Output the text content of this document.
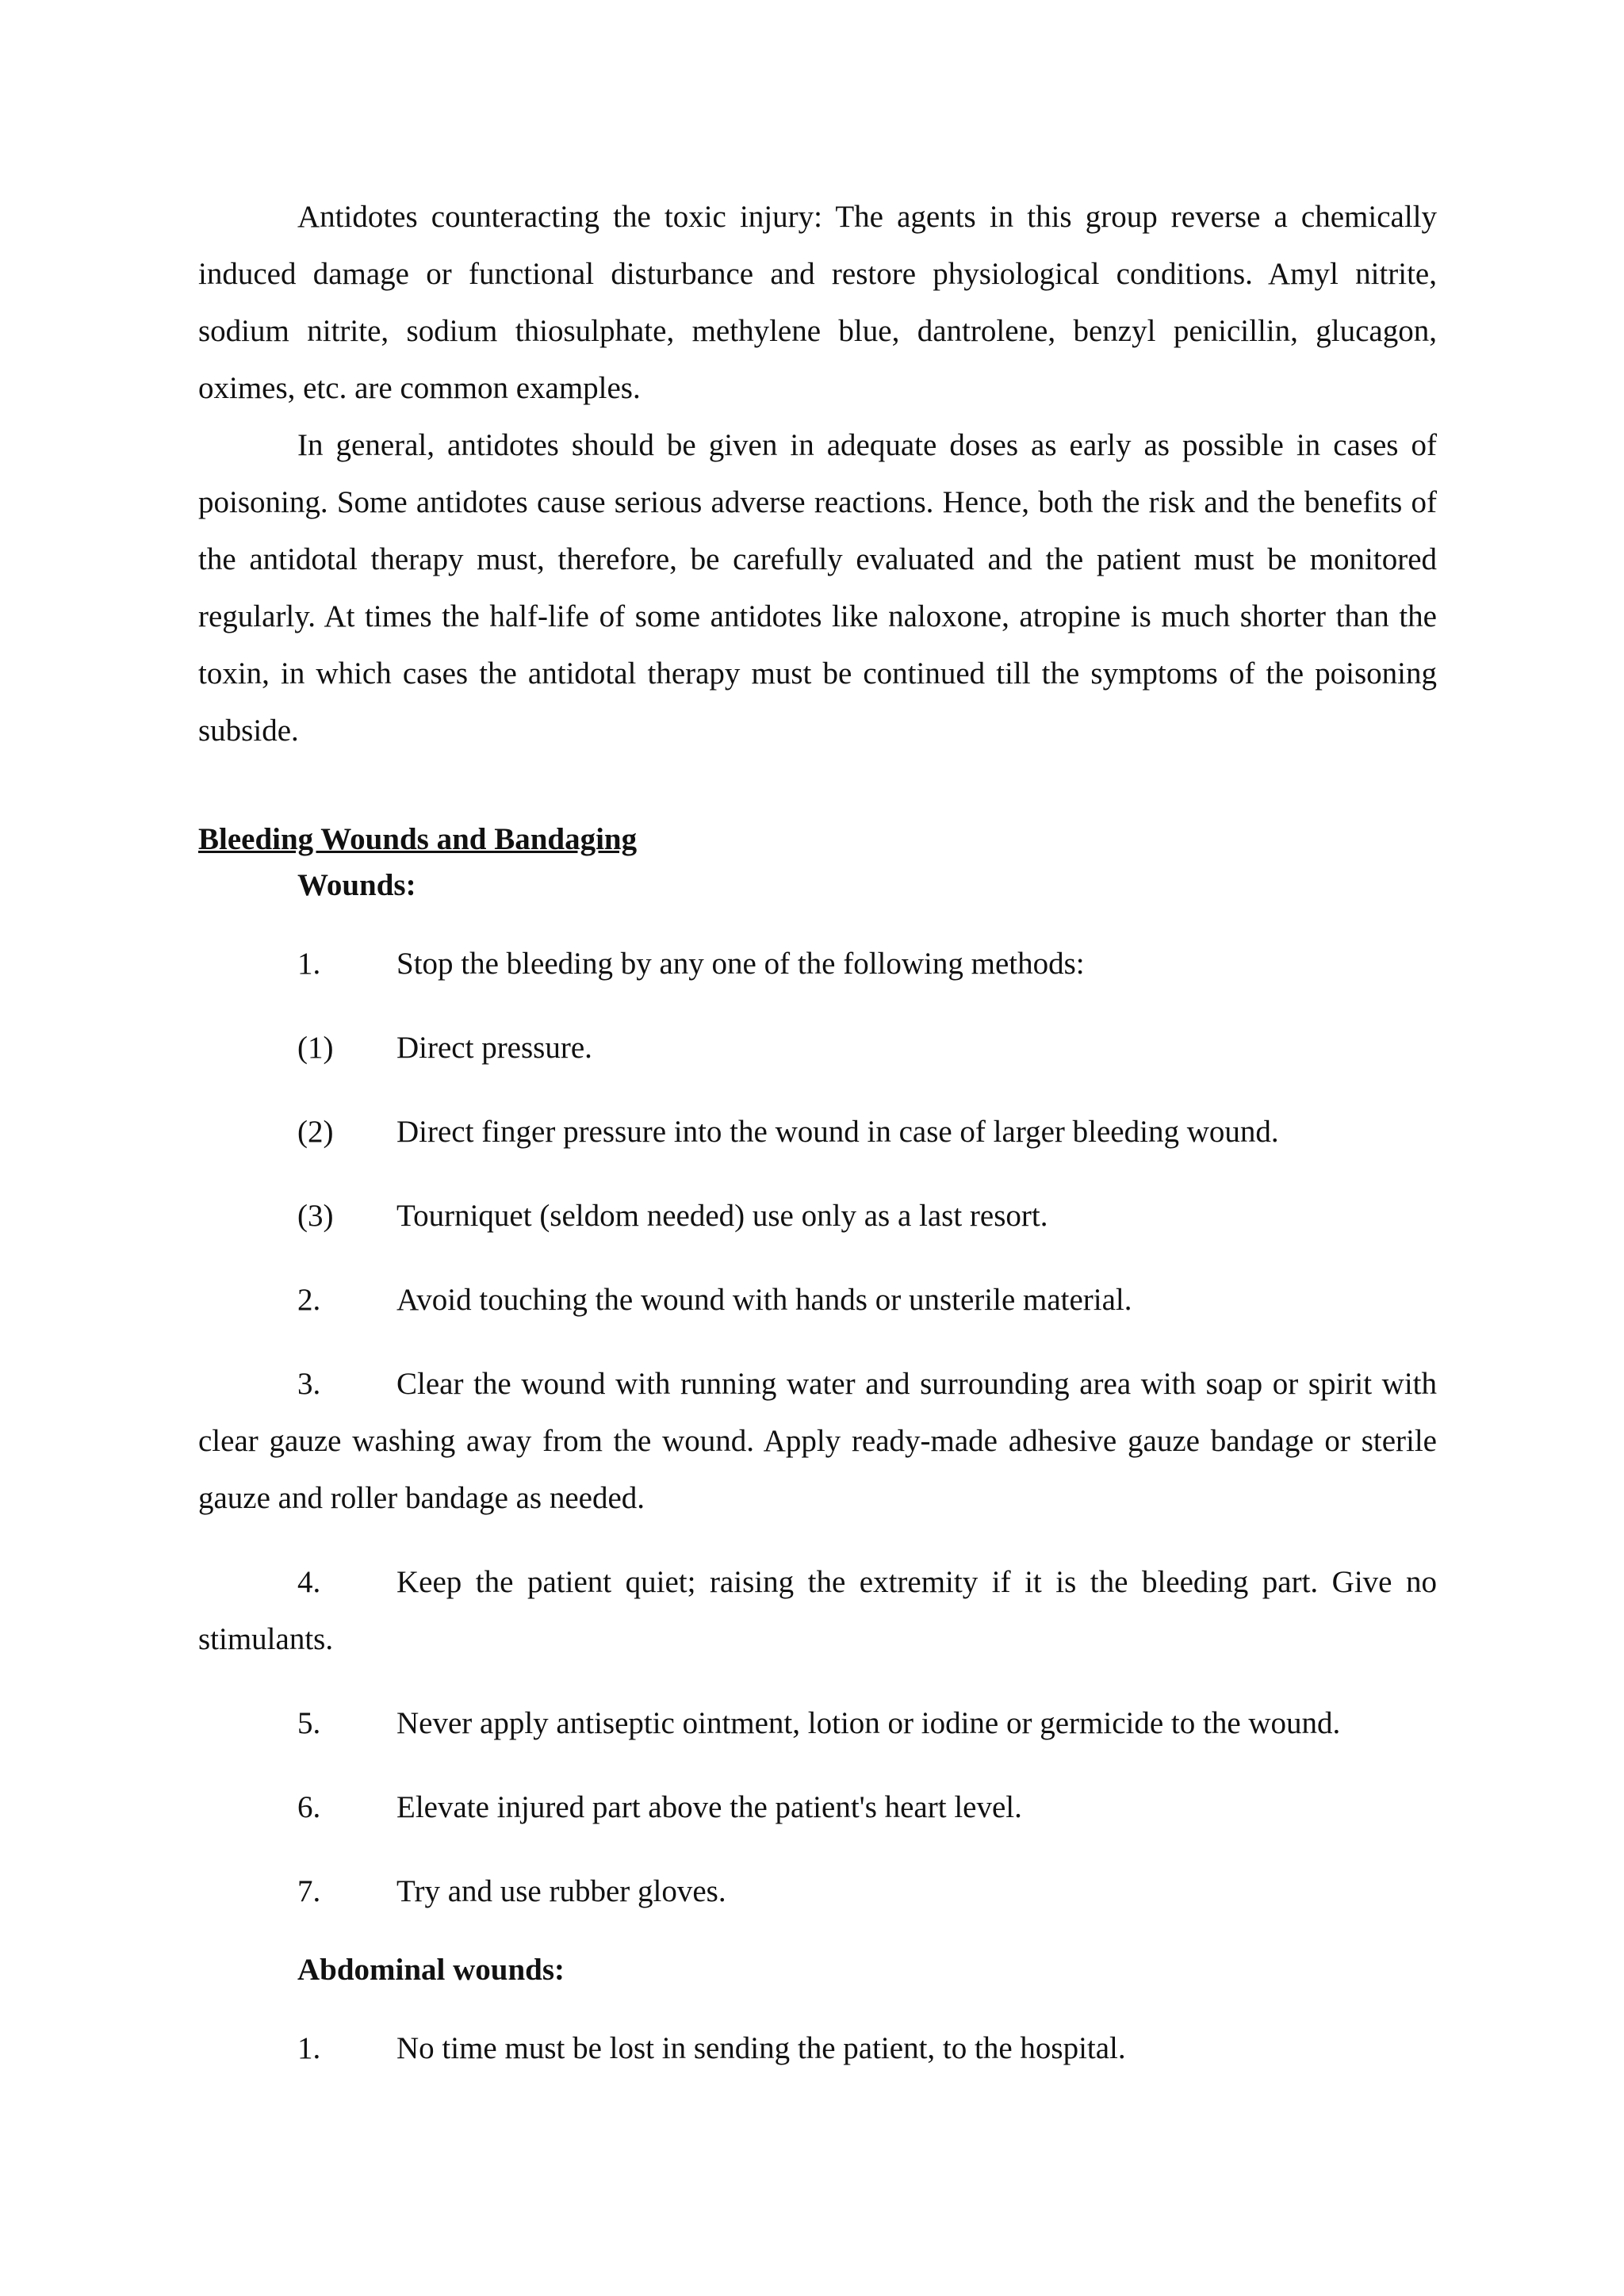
Antidotes counteracting the toxic injury: The agents in this group reverse a chemically induced damage or functional disturbance and restore physiological conditions. Amyl nitrite, sodium nitrite, sodium thiosulphate, methylene blue, dantrolene, benzyl penicillin, glucagon, oximes, etc. are common examples.

In general, antidotes should be given in adequate doses as early as possible in cases of poisoning. Some antidotes cause serious adverse reactions. Hence, both the risk and the benefits of the antidotal therapy must, therefore, be carefully evaluated and the patient must be monitored regularly. At times the half-life of some antidotes like naloxone, atropine is much shorter than the toxin, in which cases the antidotal therapy must be continued till the symptoms of the poisoning subside.

Bleeding Wounds and Bandaging
Wounds:
1. Stop the bleeding by any one of the following methods:
(1) Direct pressure.
(2) Direct finger pressure into the wound in case of larger bleeding wound.
(3) Tourniquet (seldom needed) use only as a last resort.
2. Avoid touching the wound with hands or unsterile material.
3.	Clear the wound with running water and surrounding area with soap or spirit with clear gauze washing away from the wound. Apply ready-made adhesive gauze bandage or sterile gauze and roller bandage as needed.
4.	Keep the patient quiet; raising the extremity if it is the bleeding part. Give no stimulants.
5. Never apply antiseptic ointment, lotion or iodine or germicide to the wound.
6. Elevate injured part above the patient's heart level.
7. Try and use rubber gloves.
Abdominal wounds:
1. No time must be lost in sending the patient, to the hospital.
